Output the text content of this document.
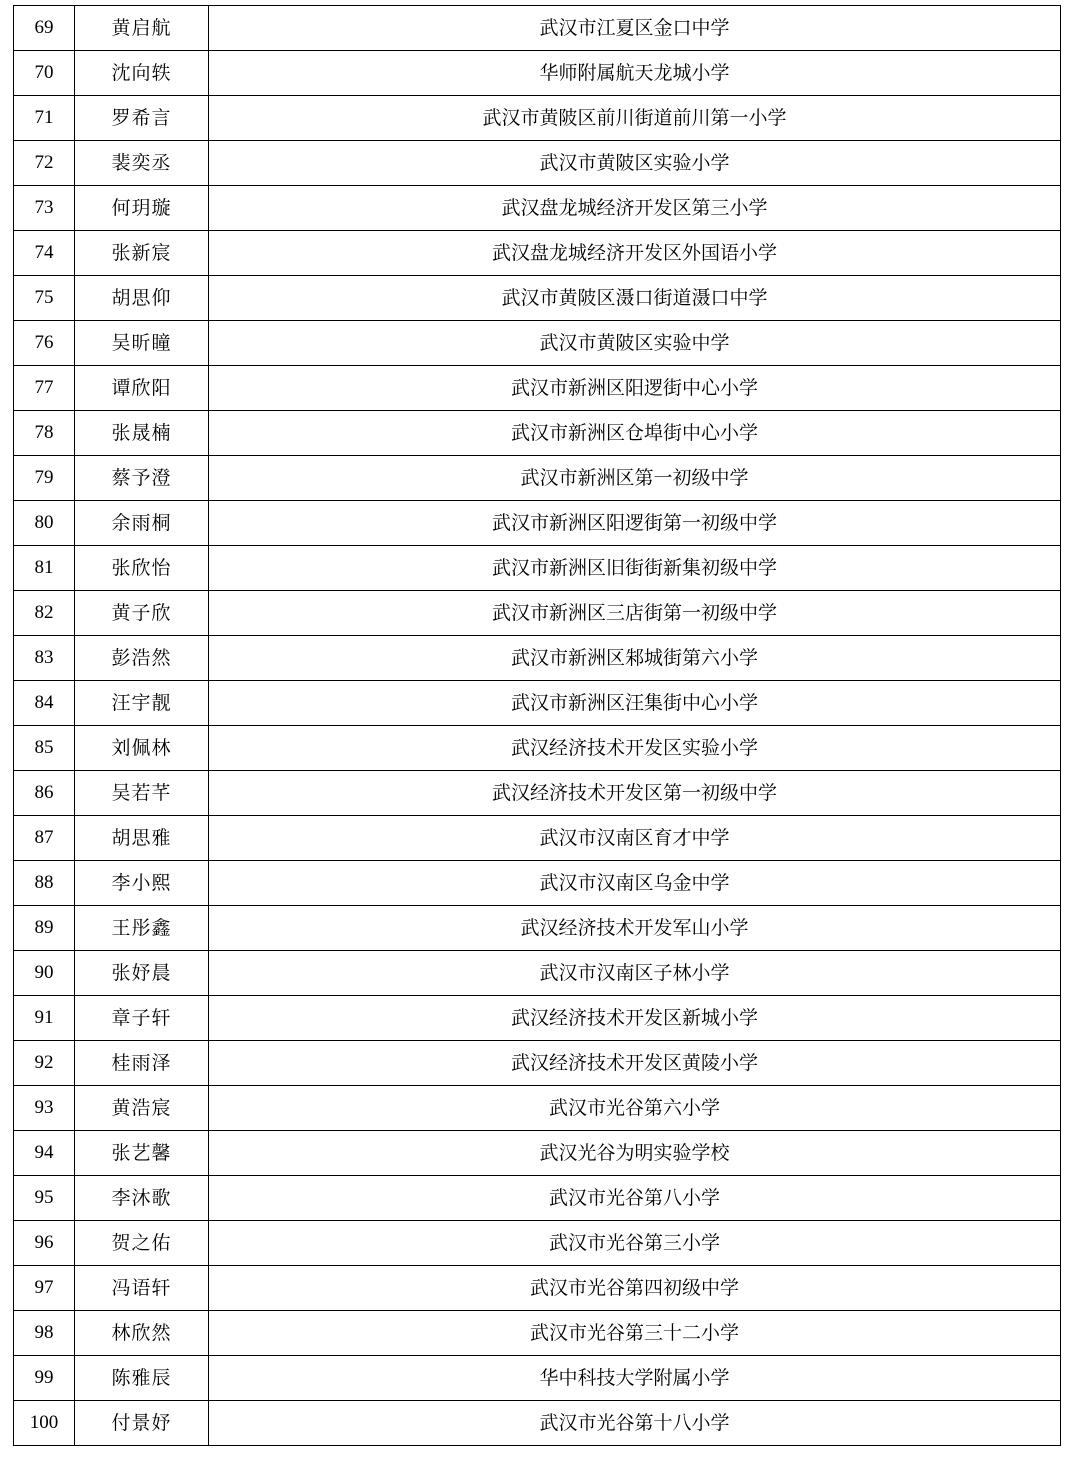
69	黄启航	武汉市江夏区金口中学
70	沈向轶	华师附属航天龙城小学
71	罗希言	武汉市黄陂区前川街道前川第一小学
72	裴奕丞	武汉市黄陂区实验小学
73	何玥璇	武汉盘龙城经济开发区第三小学
74	张新宸	武汉盘龙城经济开发区外国语小学
75	胡思仰	武汉市黄陂区滠口街道滠口中学
76	吴昕瞳	武汉市黄陂区实验中学
77	谭欣阳	武汉市新洲区阳逻街中心小学
78	张晟楠	武汉市新洲区仓埠街中心小学
79	蔡予澄	武汉市新洲区第一初级中学
80	余雨桐	武汉市新洲区阳逻街第一初级中学
81	张欣怡	武汉市新洲区旧街街新集初级中学
82	黄子欣	武汉市新洲区三店街第一初级中学
83	彭浩然	武汉市新洲区邾城街第六小学
84	汪宇靓	武汉市新洲区汪集街中心小学
85	刘佩林	武汉经济技术开发区实验小学
86	吴若芊	武汉经济技术开发区第一初级中学
87	胡思雅	武汉市汉南区育才中学
88	李小熙	武汉市汉南区乌金中学
89	王彤鑫	武汉经济技术开发军山小学
90	张妤晨	武汉市汉南区子林小学
91	章子轩	武汉经济技术开发区新城小学
92	桂雨泽	武汉经济技术开发区黄陵小学
93	黄浩宸	武汉市光谷第六小学
94	张艺馨	武汉光谷为明实验学校
95	李沐歌	武汉市光谷第八小学
96	贺之佑	武汉市光谷第三小学
97	冯语轩	武汉市光谷第四初级中学
98	林欣然	武汉市光谷第三十二小学
99	陈雅辰	华中科技大学附属小学
100	付景妤	武汉市光谷第十八小学
